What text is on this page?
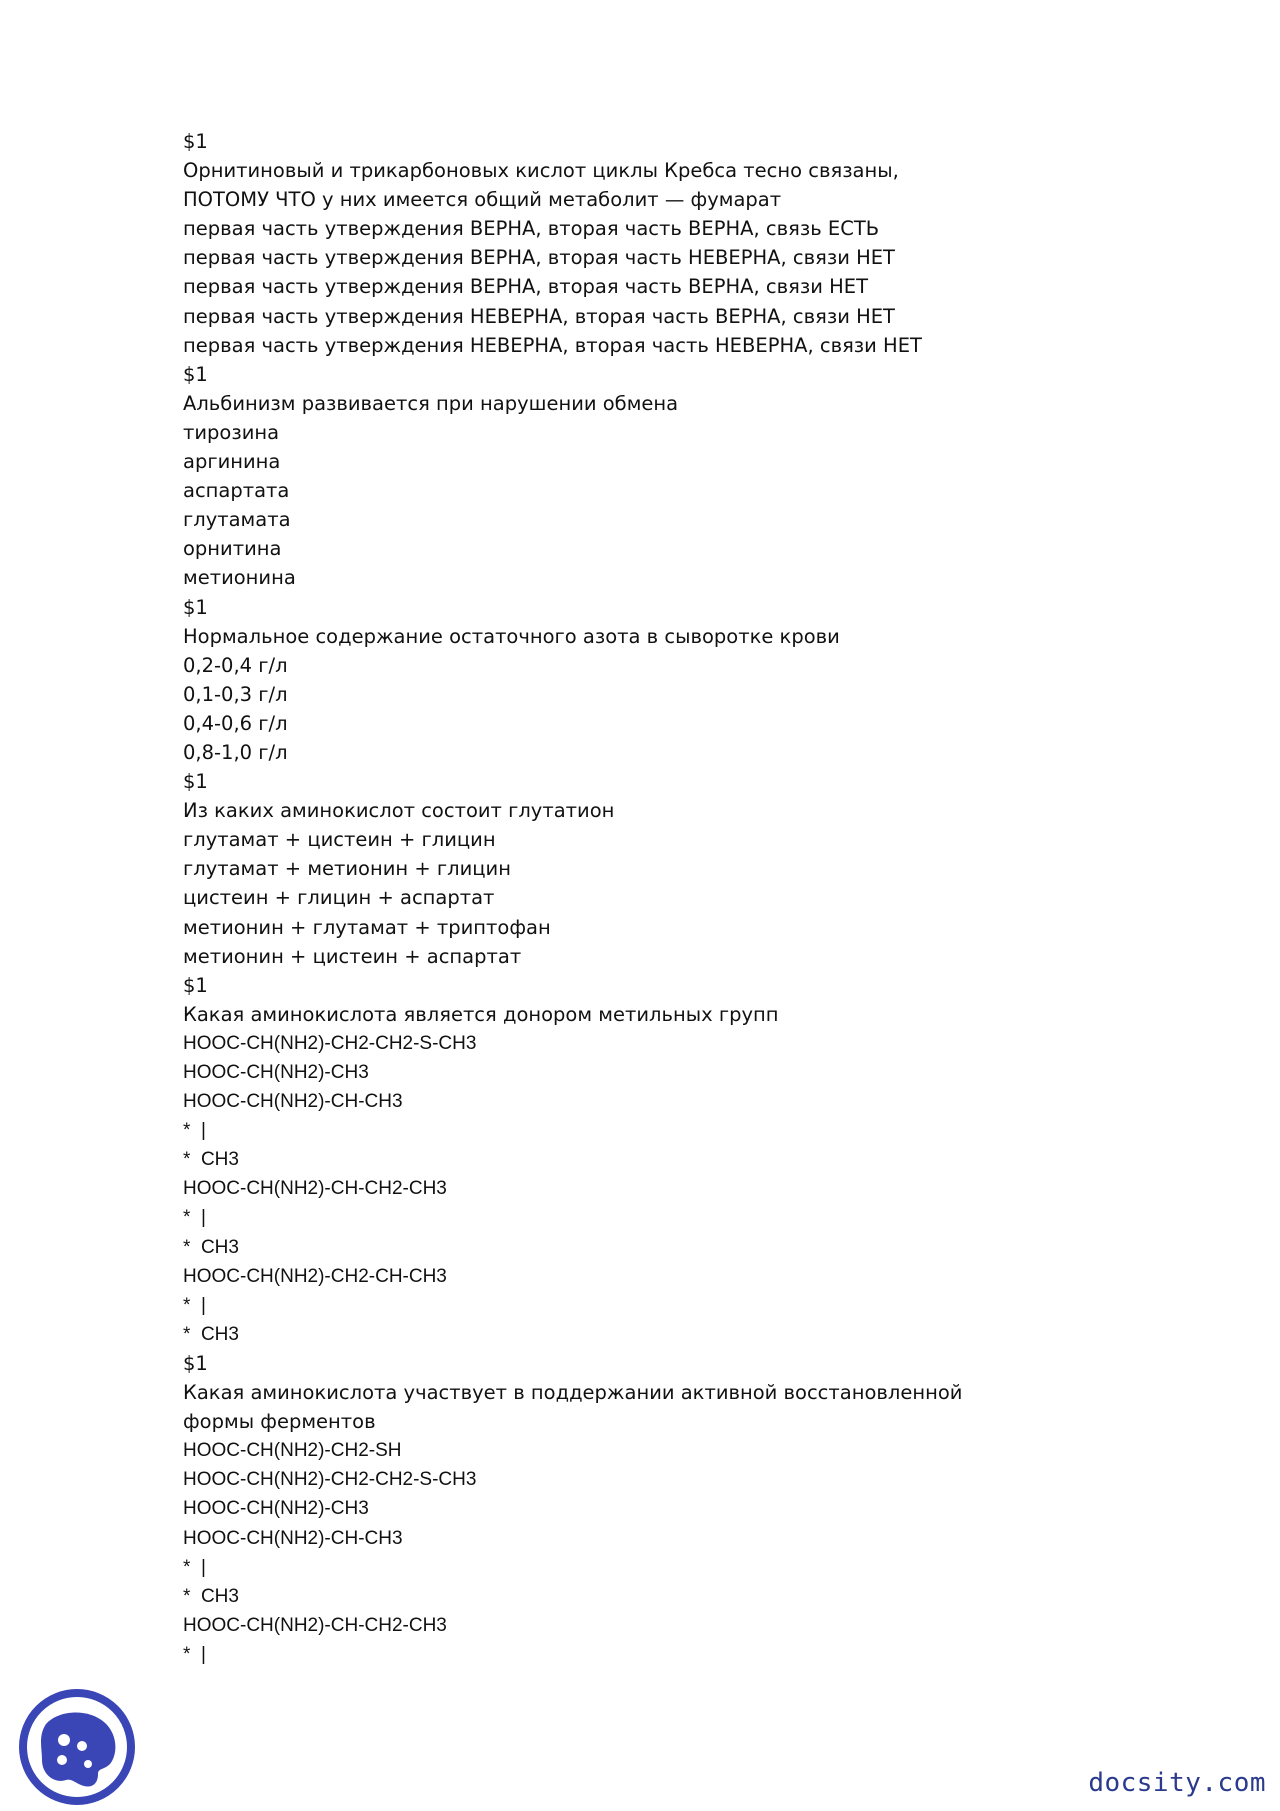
$1
Орнитиновый и трикарбоновых кислот циклы Кребса тесно связаны,
ПОТОМУ ЧТО у них имеется общий метаболит — фумарат
первая часть утверждения ВЕРНА, вторая часть ВЕРНА, связь ЕСТЬ
первая часть утверждения ВЕРНА, вторая часть НЕВЕРНА, связи НЕТ
первая часть утверждения ВЕРНА, вторая часть ВЕРНА, связи НЕТ
первая часть утверждения НЕВЕРНА, вторая часть ВЕРНА, связи НЕТ
первая часть утверждения НЕВЕРНА, вторая часть НЕВЕРНА, связи НЕТ
$1
Альбинизм развивается при нарушении обмена
тирозина
аргинина
аспартата
глутамата
орнитина
метионина
$1
Нормальное содержание остаточного азота в сыворотке крови
0,2-0,4 г/л
0,1-0,3 г/л
0,4-0,6 г/л
0,8-1,0 г/л
$1
Из каких аминокислот состоит глутатион
глутамат + цистеин + глицин
глутамат + метионин + глицин
цистеин + глицин + аспартат
метионин + глутамат + триптофан
метионин + цистеин + аспартат
$1
Какая аминокислота является донором метильных групп
HOOC-CH(NH2)-CH2-CH2-S-CH3
HOOC-CH(NH2)-CH3
HOOC-CH(NH2)-CH-CH3
*  |
*  CH3
HOOC-CH(NH2)-CH-CH2-CH3
*  |
*  CH3
HOOC-CH(NH2)-CH2-CH-CH3
*  |
*  CH3
$1
Какая аминокислота участвует в поддержании активной восстановленной
формы ферментов
HOOC-CH(NH2)-CH2-SH
HOOC-CH(NH2)-CH2-CH2-S-CH3
HOOC-CH(NH2)-CH3
HOOC-CH(NH2)-CH-CH3
*  |
*  CH3
HOOC-CH(NH2)-CH-CH2-CH3
*  |
docsity.com
